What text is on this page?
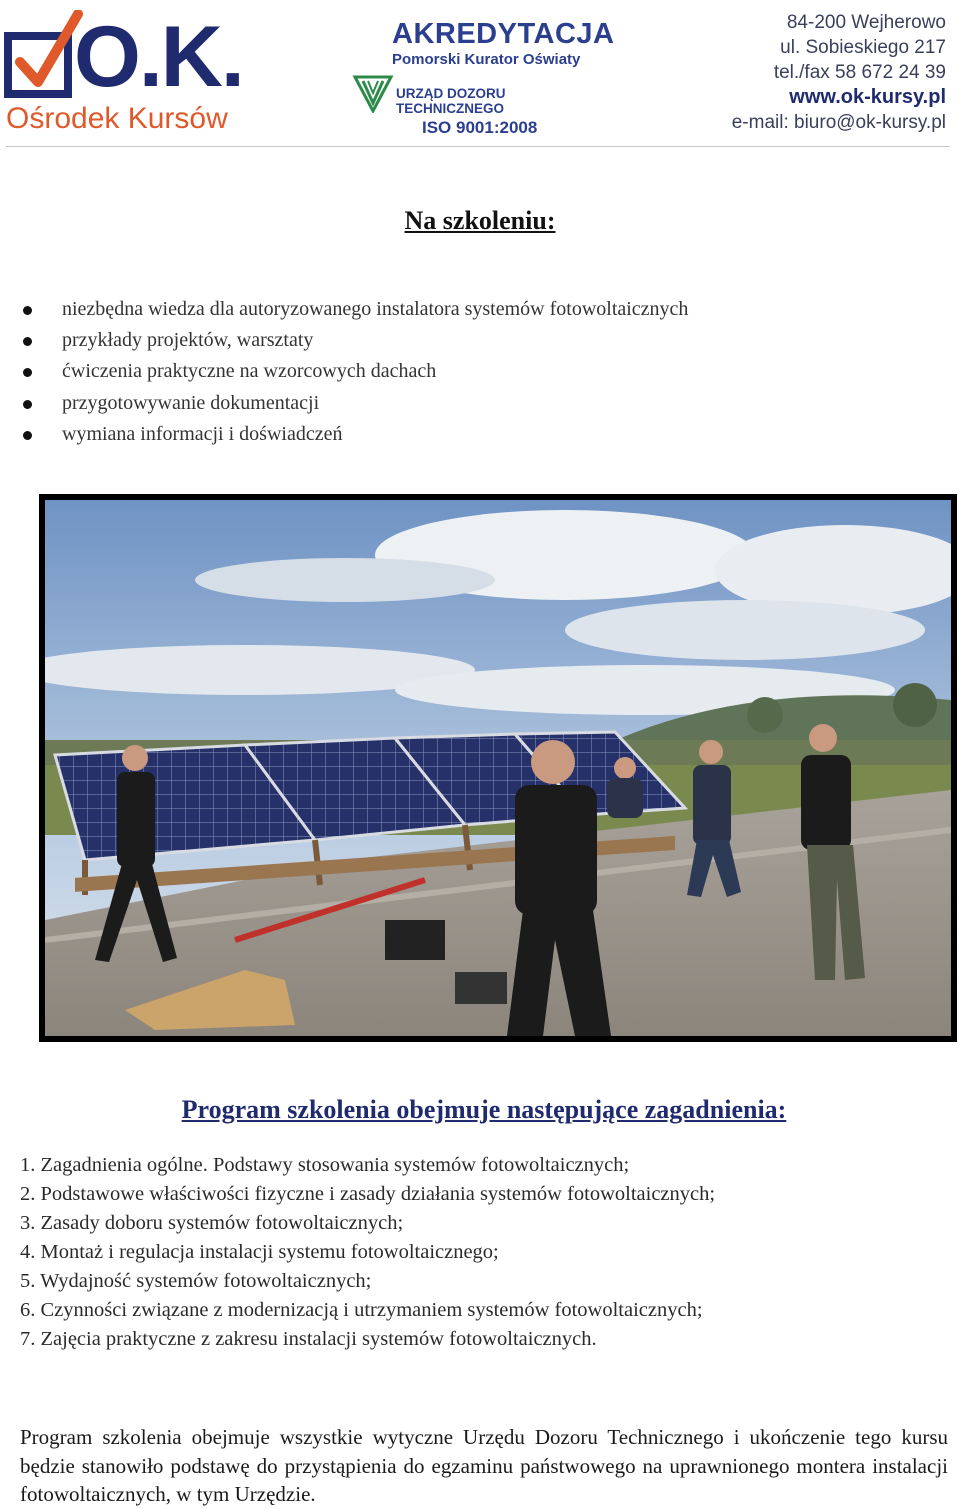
O.K.
Ośrodek Kursów
AKREDYTACJA
Pomorski Kurator Oświaty
URZĄD DOZORU TECHNICZNEGO
ISO 9001:2008
84-200 Wejherowo
ul. Sobieskiego 217
tel./fax 58 672 24 39
www.ok-kursy.pl
e-mail: biuro@ok-kursy.pl
Na szkoleniu:
niezbędna wiedza dla autoryzowanego instalatora systemów fotowoltaicznych
przykłady projektów, warsztaty
ćwiczenia praktyczne na wzorcowych dachach
przygotowywanie dokumentacji
wymiana informacji i doświadczeń
Program szkolenia obejmuje następujące zagadnienia:
1. Zagadnienia ogólne. Podstawy stosowania systemów fotowoltaicznych;
2. Podstawowe właściwości fizyczne i zasady działania systemów fotowoltaicznych;
3. Zasady doboru systemów fotowoltaicznych;
4. Montaż i regulacja instalacji systemu fotowoltaicznego;
5. Wydajność systemów fotowoltaicznych;
6. Czynności związane z modernizacją i utrzymaniem systemów fotowoltaicznych;
7. Zajęcia praktyczne z zakresu instalacji systemów fotowoltaicznych.

Program szkolenia obejmuje wszystkie wytyczne Urzędu Dozoru Technicznego i ukończenie tego kursu będzie stanowiło podstawę do przystąpienia do egzaminu państwowego na uprawnionego montera instalacji fotowoltaicznych, w tym Urzędzie.
